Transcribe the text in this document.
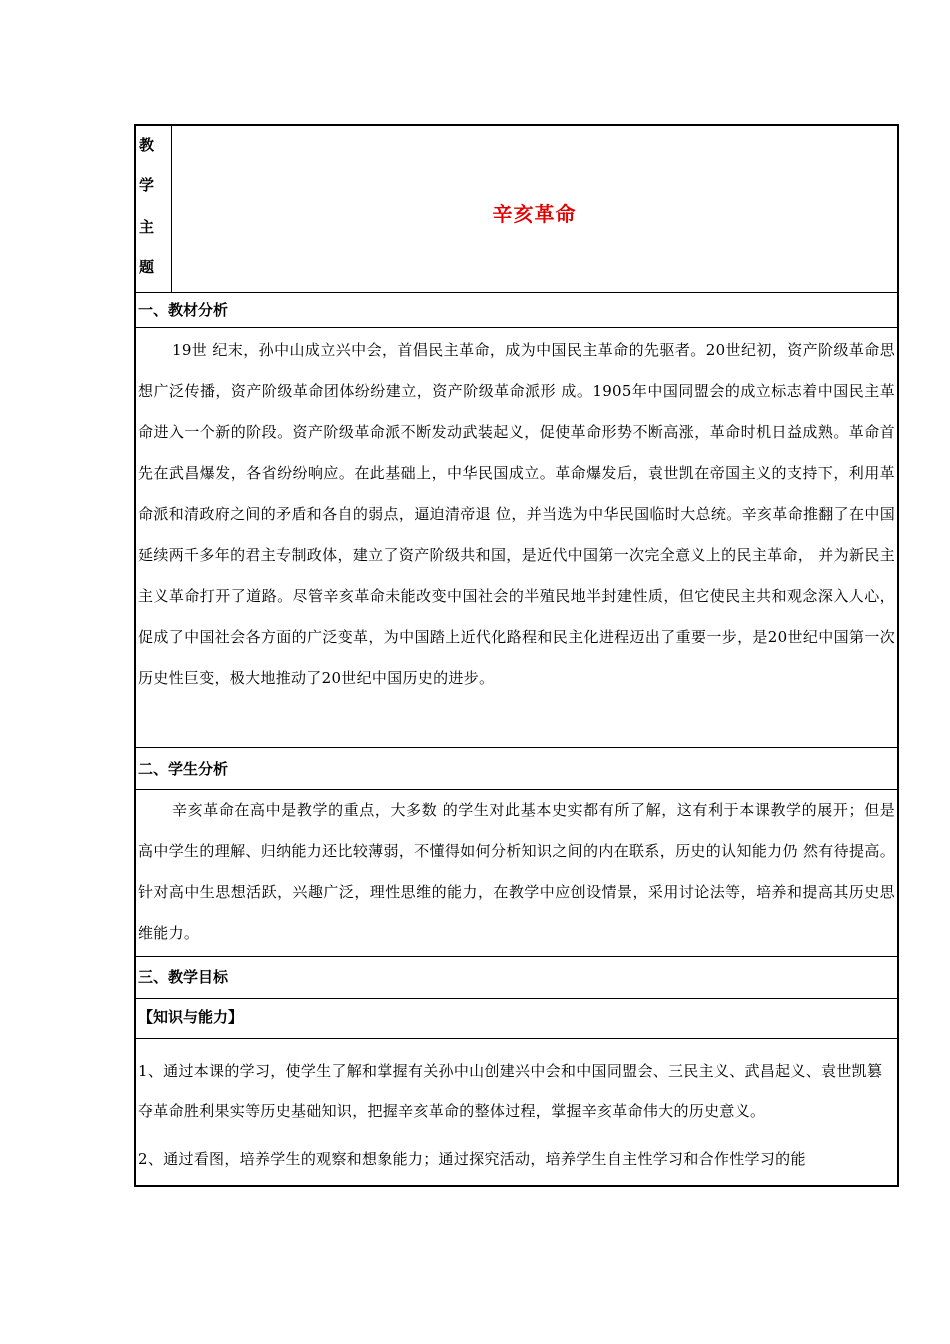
教
学
主
题
辛亥革命
一、教材分析
19世 纪末，孙中山成立兴中会，首倡民主革命，成为中国民主革命的先驱者。20世纪初，资产阶级革命思想广泛传播，资产阶级革命团体纷纷建立，资产阶级革命派形 成。1905年中国同盟会的成立标志着中国民主革命进入一个新的阶段。资产阶级革命派不断发动武装起义，促使革命形势不断高涨，革命时机日益成熟。革命首 先在武昌爆发，各省纷纷响应。在此基础上，中华民国成立。革命爆发后，袁世凯在帝国主义的支持下，利用革命派和清政府之间的矛盾和各自的弱点，逼迫清帝退 位，并当选为中华民国临时大总统。辛亥革命推翻了在中国延续两千多年的君主专制政体，建立了资产阶级共和国，是近代中国第一次完全意义上的民主革命， 并为新民主主义革命打开了道路。尽管辛亥革命未能改变中国社会的半殖民地半封建性质，但它使民主共和观念深入人心，促成了中国社会各方面的广泛变革，为中国踏上近代化路程和民主化进程迈出了重要一步，是20世纪中国第一次历史性巨变，极大地推动了20世纪中国历史的进步。
二、学生分析
辛亥革命在高中是教学的重点，大多数 的学生对此基本史实都有所了解，这有利于本课教学的展开；但是高中学生的理解、归纳能力还比较薄弱，不懂得如何分析知识之间的内在联系，历史的认知能力仍 然有待提高。针对高中生思想活跃，兴趣广泛，理性思维的能力，在教学中应创设情景，采用讨论法等，培养和提高其历史思维能力。
三、教学目标
【知识与能力】
1、通过本课的学习，使学生了解和掌握有关孙中山创建兴中会和中国同盟会、三民主义、武昌起义、袁世凯篡夺革命胜利果实等历史基础知识，把握辛亥革命的整体过程，掌握辛亥革命伟大的历史意义。
2、通过看图，培养学生的观察和想象能力；通过探究活动，培养学生自主性学习和合作性学习的能
